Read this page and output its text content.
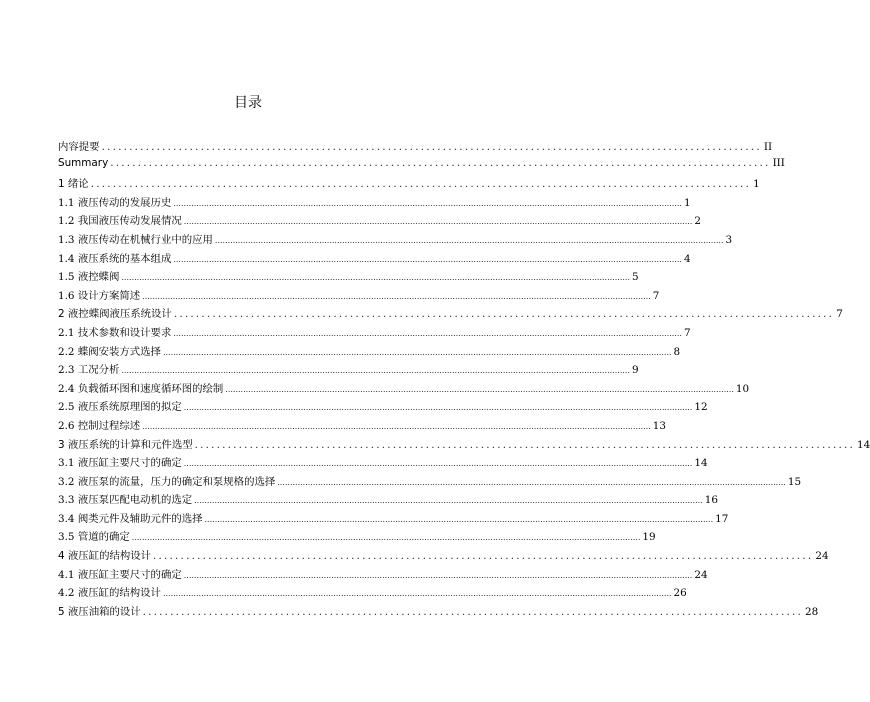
目录
内容提要 ........................................................................................................................ II
Summary ........................................................................................................................ III
1 绪论 ........................................................................................................................ 1
1.1 液压传动的发展历史 ........................................................................................................................................................................................................ 1
1.2 我国液压传动发展情况 ........................................................................................................................................................................................................ 2
1.3 液压传动在机械行业中的应用 ........................................................................................................................................................................................................ 3
1.4 液压系统的基本组成 ........................................................................................................................................................................................................ 4
1.5 液控蝶阀 ........................................................................................................................................................................................................ 5
1.6 设计方案简述 ........................................................................................................................................................................................................ 7
2 液控蝶阀液压系统设计 ........................................................................................................................ 7
2.1 技术参数和设计要求 ........................................................................................................................................................................................................ 7
2.2 蝶阀安装方式选择 ........................................................................................................................................................................................................ 8
2.3 工况分析 ........................................................................................................................................................................................................ 9
2.4 负载循环图和速度循环图的绘制 ........................................................................................................................................................................................................ 10
2.5 液压系统原理图的拟定 ........................................................................................................................................................................................................ 12
2.6 控制过程综述 ........................................................................................................................................................................................................ 13
3 液压系统的计算和元件选型 ........................................................................................................................ 14
3.1 液压缸主要尺寸的确定 ........................................................................................................................................................................................................ 14
3.2 液压泵的流量，压力的确定和泵规格的选择 ........................................................................................................................................................................................................ 15
3.3 液压泵匹配电动机的选定 ........................................................................................................................................................................................................ 16
3.4 阀类元件及辅助元件的选择 ........................................................................................................................................................................................................ 17
3.5 管道的确定 ........................................................................................................................................................................................................ 19
4 液压缸的结构设计 ........................................................................................................................ 24
4.1 液压缸主要尺寸的确定 ........................................................................................................................................................................................................ 24
4.2 液压缸的结构设计 ........................................................................................................................................................................................................ 26
5 液压油箱的设计 ........................................................................................................................ 28
